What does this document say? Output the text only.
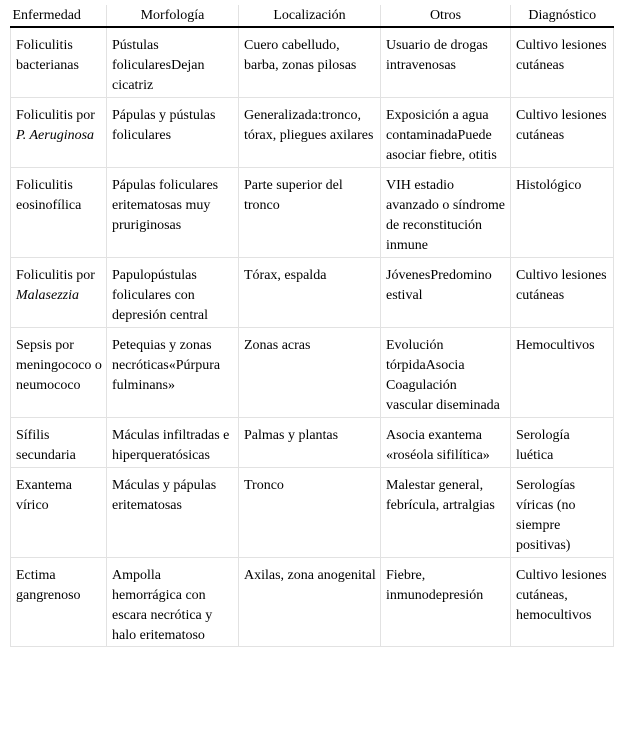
Enfermedad	Morfología	Localización	Otros	Diagnóstico
Foliculitis bacterianas	Pústulas folicularesDejan cicatriz	Cuero cabelludo, barba, zonas pilosas	Usuario de drogas intravenosas	Cultivo lesiones cutáneas
Foliculitis por P. Aeruginosa	Pápulas y pústulas foliculares	Generalizada:tronco, tórax, pliegues axilares	Exposición a agua contaminadaPuede asociar fiebre, otitis	Cultivo lesiones cutáneas
Foliculitis eosinofílica	Pápulas foliculares eritematosas muy pruriginosas	Parte superior del tronco	VIH estadio avanzado o síndrome de reconstitución inmune	Histológico
Foliculitis por Malasezzia	Papulopústulas foliculares con depresión central	Tórax, espalda	JóvenesPredomino estival	Cultivo lesiones cutáneas
Sepsis por meningococo o neumococo	Petequias y zonas necróticas«Púrpura fulminans»	Zonas acras	Evolución tórpidaAsocia Coagulación vascular diseminada	Hemocultivos
Sífilis secundaria	Máculas infiltradas e hiperqueratósicas	Palmas y plantas	Asocia exantema «roséola sifilítica»	Serología luética
Exantema vírico	Máculas y pápulas eritematosas	Tronco	Malestar general, febrícula, artralgias	Serologías víricas (no siempre positivas)
Ectima gangrenoso	Ampolla hemorrágica con escara necrótica y halo eritematoso	Axilas, zona anogenital	Fiebre, inmunodepresión	Cultivo lesiones cutáneas, hemocultivos
